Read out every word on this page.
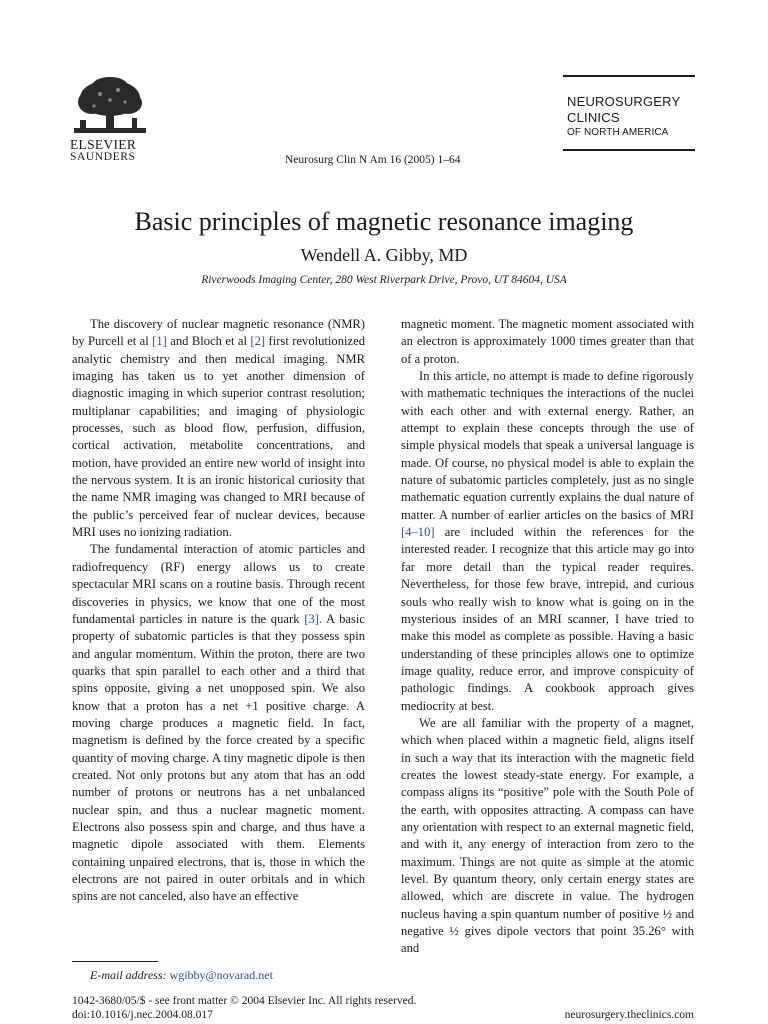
ELSEVIER
SAUNDERS	Neurosurg Clin N Am 16 (2005) 1–64
NEUROSURGERY
CLINICS
OF NORTH AMERICA
Basic principles of magnetic resonance imaging
Wendell A. Gibby, MD
Riverwoods Imaging Center, 280 West Riverpark Drive, Provo, UT 84604, USA

The discovery of nuclear magnetic resonance (NMR) by Purcell et al [1] and Bloch et al [2] first revolutionized analytic chemistry and then medical imaging. NMR imaging has taken us to yet another dimension of diagnostic imaging in which superior contrast resolution; multiplanar capabilities; and imaging of physiologic processes, such as blood flow, perfusion, diffusion, cortical activation, metabolite concentrations, and motion, have provided an entire new world of insight into the nervous system. It is an ironic historical curiosity that the name NMR imaging was changed to MRI because of the public’s perceived fear of nuclear devices, because MRI uses no ionizing radiation.

The fundamental interaction of atomic particles and radiofrequency (RF) energy allows us to create spectacular MRI scans on a routine basis. Through recent discoveries in physics, we know that one of the most fundamental particles in nature is the quark [3]. A basic property of subatomic particles is that they possess spin and angular momentum. Within the proton, there are two quarks that spin parallel to each other and a third that spins opposite, giving a net unopposed spin. We also know that a proton has a net +1 positive charge. A moving charge produces a magnetic field. In fact, magnetism is defined by the force created by a specific quantity of moving charge. A tiny magnetic dipole is then created. Not only protons but any atom that has an odd number of protons or neutrons has a net unbalanced nuclear spin, and thus a nuclear magnetic moment. Electrons also possess spin and charge, and thus have a magnetic dipole associated with them. Elements containing unpaired electrons, that is, those in which the electrons are not paired in outer orbitals and in which spins are not canceled, also have an effective

magnetic moment. The magnetic moment associated with an electron is approximately 1000 times greater than that of a proton.

In this article, no attempt is made to define rigorously with mathematic techniques the interactions of the nuclei with each other and with external energy. Rather, an attempt to explain these concepts through the use of simple physical models that speak a universal language is made. Of course, no physical model is able to explain the nature of subatomic particles completely, just as no single mathematic equation currently explains the dual nature of matter. A number of earlier articles on the basics of MRI [4–10] are included within the references for the interested reader. I recognize that this article may go into far more detail than the typical reader requires. Nevertheless, for those few brave, intrepid, and curious souls who really wish to know what is going on in the mysterious insides of an MRI scanner, I have tried to make this model as complete as possible. Having a basic understanding of these principles allows one to optimize image quality, reduce error, and improve conspicuity of pathologic findings. A cookbook approach gives mediocrity at best.

We are all familiar with the property of a magnet, which when placed within a magnetic field, aligns itself in such a way that its interaction with the magnetic field creates the lowest steady-state energy. For example, a compass aligns its “positive” pole with the South Pole of the earth, with opposites attracting. A compass can have any orientation with respect to an external magnetic field, and with it, any energy of interaction from zero to the maximum. Things are not quite as simple at the atomic level. By quantum theory, only certain energy states are allowed, which are discrete in value. The hydrogen nucleus having a spin quantum number of positive ½ and negative ½ gives dipole vectors that point 35.26° with and

E-mail address: wgibby@novarad.net
1042-3680/05/$ - see front matter © 2004 Elsevier Inc. All rights reserved.
doi:10.1016/j.nec.2004.08.017	neurosurgery.theclinics.com
